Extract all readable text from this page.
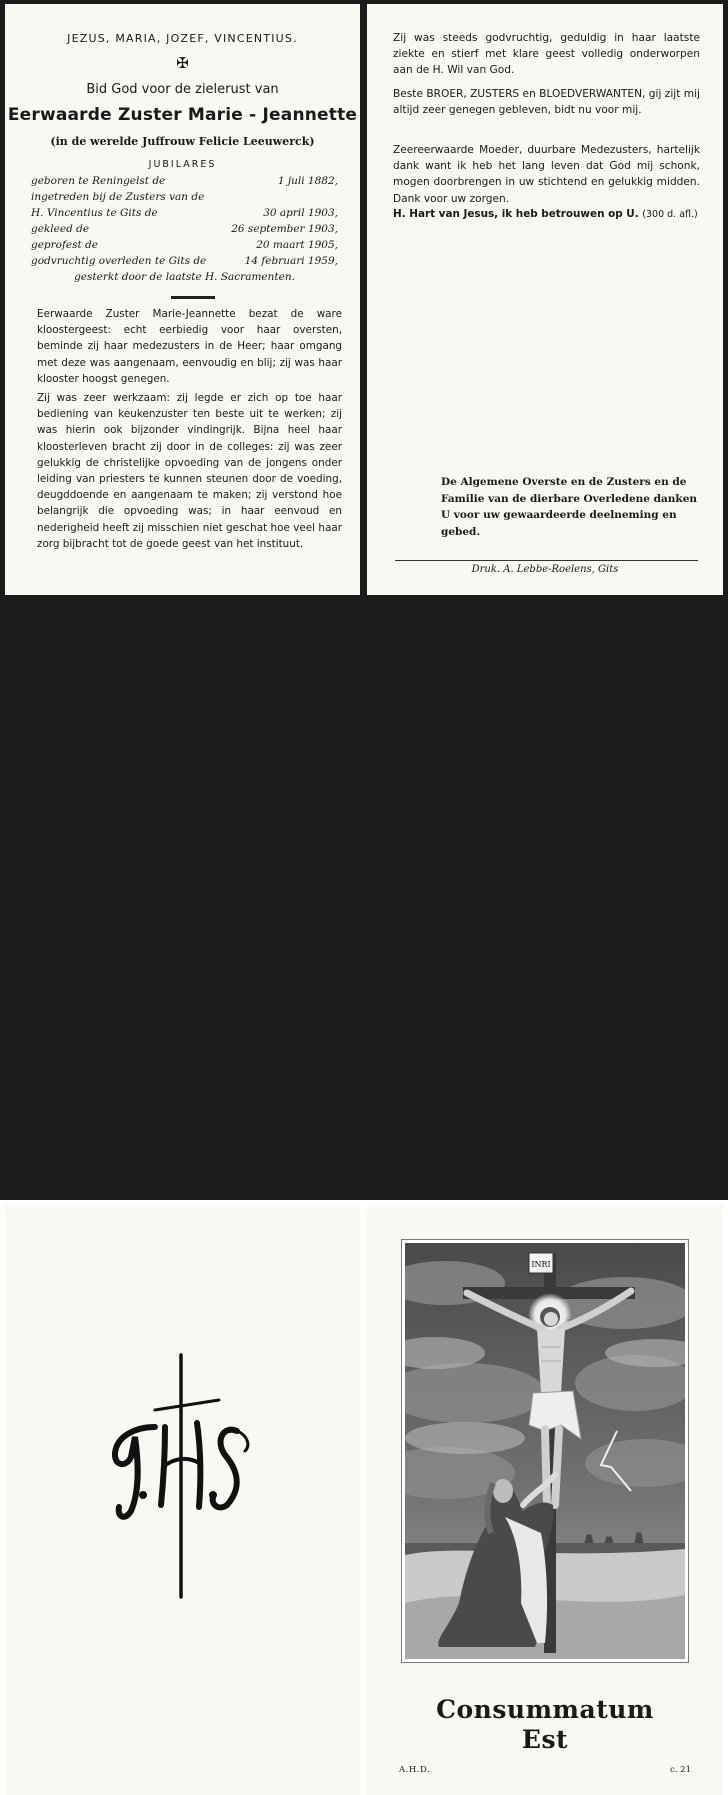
JEZUS, MARIA, JOZEF, VINCENTIUS.
✠
Bid God voor de zielerust van
Eerwaarde Zuster Marie - Jeannette
(in de werelde Juffrouw Felicie Leeuwerck)
JUBILARES
geboren te Reningelst de	1 juli 1882,
ingetreden bij de Zusters van de
H. Vincentius te Gits de	30 april 1903,
gekleed de	26 september 1903,
geprofest de	20 maart 1905,
godvruchtig overleden te Gits de	14 februari 1959,
gesterkt door de laatste H. Sacramenten.

Eerwaarde Zuster Marie-Jeannette bezat de ware kloostergeest: echt eerbiedig voor haar oversten, beminde zij haar medezusters in de Heer; haar omgang met deze was aangenaam, eenvoudig en blij; zij was haar klooster hoogst genegen.

Zij was zeer werkzaam: zij legde er zich op toe haar bediening van keukenzuster ten beste uit te werken; zij was hierin ook bijzonder vindingrijk. Bijna heel haar kloosterleven bracht zij door in de colleges: zij was zeer gelukkig de christelijke opvoeding van de jongens onder leiding van priesters te kunnen steunen door de voeding, deugddoende en aangenaam te maken; zij verstond hoe belangrijk die opvoeding was; in haar eenvoud en nederigheid heeft zij misschien niet geschat hoe veel haar zorg bijbracht tot de goede geest van het instituut.

Zij was steeds godvruchtig, geduldig in haar laatste ziekte en stierf met klare geest volledig onderworpen aan de H. Wil van God.

Beste BROER, ZUSTERS en BLOEDVERWANTEN, gij zijt mij altijd zeer genegen gebleven, bidt nu voor mij.

Zeereerwaarde Moeder, duurbare Medezusters, hartelijk dank want ik heb het lang leven dat God mij schonk, mogen doorbrengen in uw stichtend en gelukkig midden. Dank voor uw zorgen.

H. Hart van Jesus, ik heb betrouwen op U. (300 d. afl.)

De Algemene Overste en de Zusters en de Familie van de dierbare Overledene danken U voor uw gewaardeerde deelneming en gebed.

Druk. A. Lebbe-Roelens, Gits
INRI
Consummatum
Est
A.H.D.	c. 21
